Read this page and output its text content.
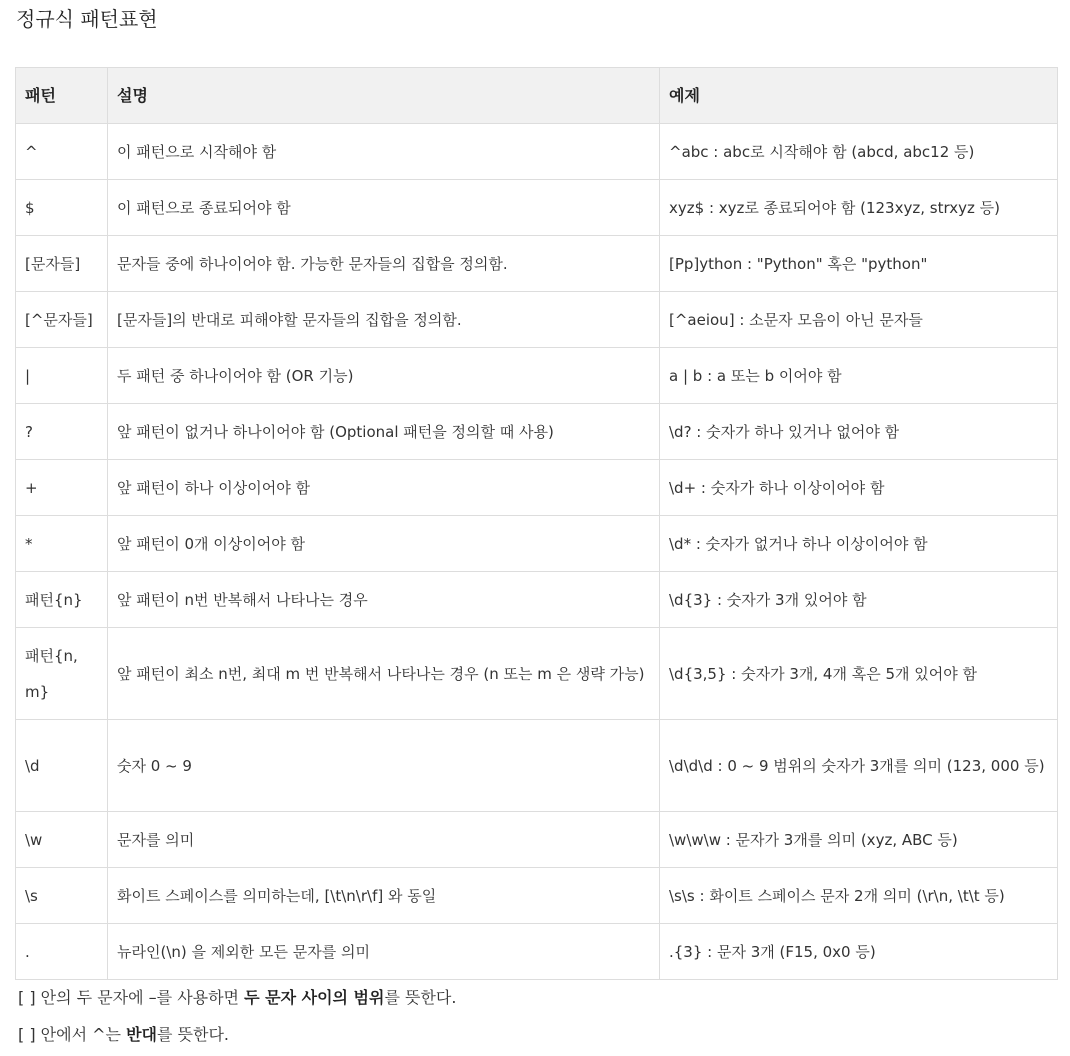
정규식 패턴표현
패턴	설명	예제
^	이 패턴으로 시작해야 함	^abc : abc로 시작해야 함 (abcd, abc12 등)
$	이 패턴으로 종료되어야 함	xyz$ : xyz로 종료되어야 함 (123xyz, strxyz 등)
[문자들]	문자들 중에 하나이어야 함. 가능한 문자들의 집합을 정의함.	[Pp]ython : "Python" 혹은 "python"
[^문자들]	[문자들]의 반대로 피해야할 문자들의 집합을 정의함.	[^aeiou] : 소문자 모음이 아닌 문자들
|	두 패턴 중 하나이어야 함 (OR 기능)	a | b : a 또는 b 이어야 함
?	앞 패턴이 없거나 하나이어야 함 (Optional 패턴을 정의할 때 사용)	\d? : 숫자가 하나 있거나 없어야 함
+	앞 패턴이 하나 이상이어야 함	\d+ : 숫자가 하나 이상이어야 함
*	앞 패턴이 0개 이상이어야 함	\d* : 숫자가 없거나 하나 이상이어야 함
패턴{n}	앞 패턴이 n번 반복해서 나타나는 경우	\d{3} : 숫자가 3개 있어야 함
패턴{n, m}	앞 패턴이 최소 n번, 최대 m 번 반복해서 나타나는 경우 (n 또는 m 은 생략 가능)	\d{3,5} : 숫자가 3개, 4개 혹은 5개 있어야 함
\d	숫자 0 ~ 9	\d\d\d : 0 ~ 9 범위의 숫자가 3개를 의미 (123, 000 등)
\w	문자를 의미	\w\w\w : 문자가 3개를 의미 (xyz, ABC 등)
\s	화이트 스페이스를 의미하는데, [\t\n\r\f] 와 동일	\s\s : 화이트 스페이스 문자 2개 의미 (\r\n, \t\t 등)
.	뉴라인(\n) 을 제외한 모든 문자를 의미	.{3} : 문자 3개 (F15, 0x0 등)

[ ] 안의 두 문자에 –를 사용하면 두 문자 사이의 범위를 뜻한다.

[ ] 안에서 ^는 반대를 뜻한다.
